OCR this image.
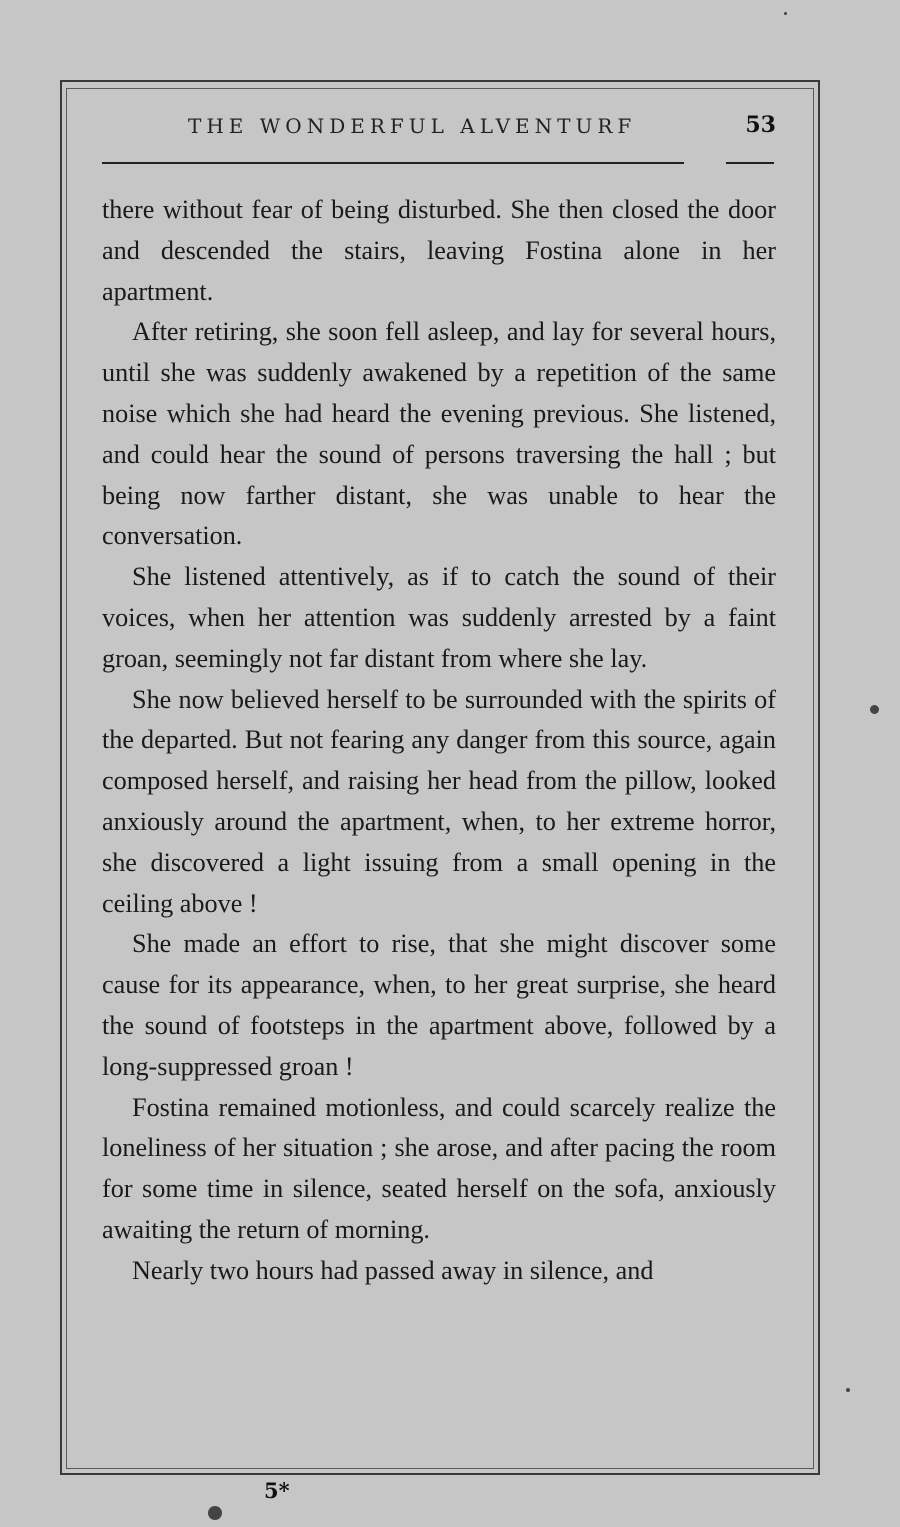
THE WONDERFUL ALVENTURF	53

there without fear of being disturbed. She then closed the door and descended the stairs, leaving Fostina alone in her apartment.

After retiring, she soon fell asleep, and lay for several hours, until she was suddenly awakened by a repetition of the same noise which she had heard the evening previous. She listened, and could hear the sound of persons traversing the hall ; but being now farther distant, she was unable to hear the conversation.

She listened attentively, as if to catch the sound of their voices, when her attention was suddenly arrested by a faint groan, seemingly not far distant from where she lay.

She now believed herself to be surrounded with the spirits of the departed. But not fearing any danger from this source, again composed herself, and raising her head from the pillow, looked anxiously around the apartment, when, to her extreme horror, she discovered a light issuing from a small opening in the ceiling above !

She made an effort to rise, that she might discover some cause for its appearance, when, to her great surprise, she heard the sound of footsteps in the apartment above, followed by a long-suppressed groan !

Fostina remained motionless, and could scarcely realize the loneliness of her situation ; she arose, and after pacing the room for some time in silence, seated herself on the sofa, anxiously awaiting the return of morning.

Nearly two hours had passed away in silence, and

5*
